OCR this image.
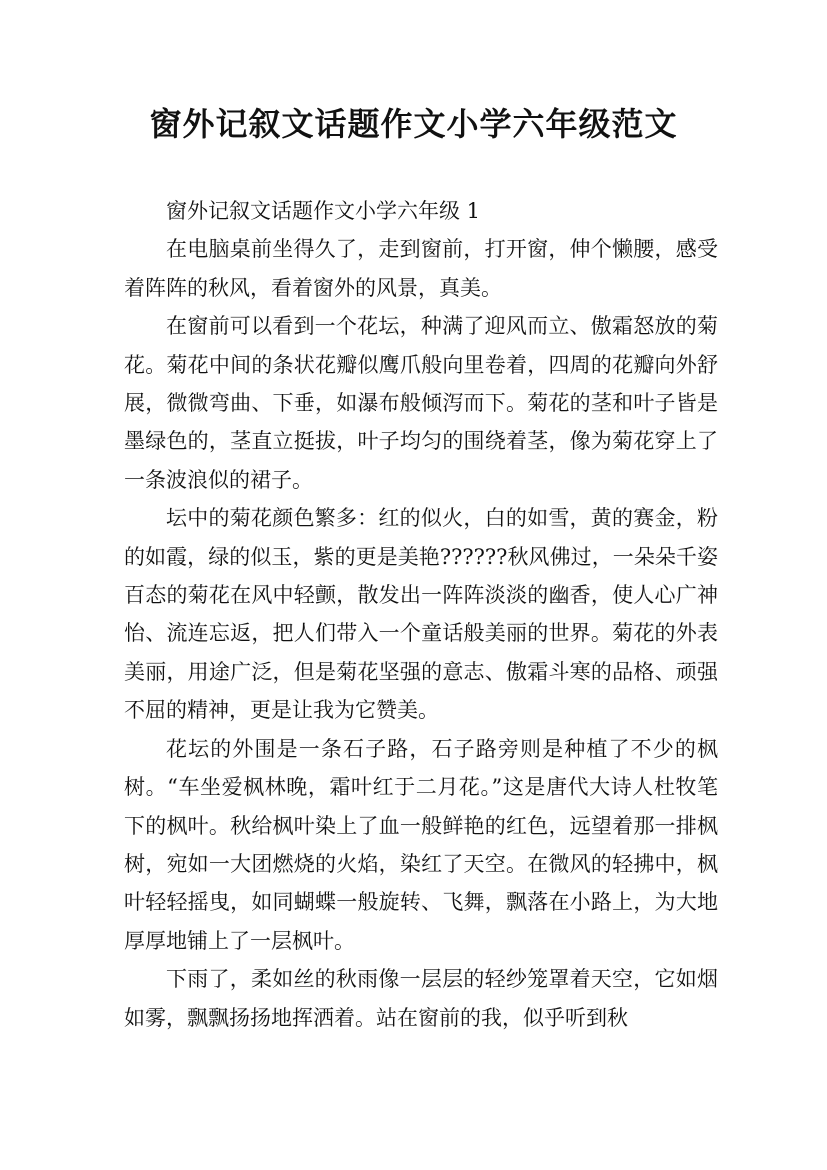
窗外记叙文话题作文小学六年级范文

窗外记叙文话题作文小学六年级 1

在电脑桌前坐得久了，走到窗前，打开窗，伸个懒腰，感受着阵阵的秋风，看着窗外的风景，真美。

在窗前可以看到一个花坛，种满了迎风而立、傲霜怒放的菊花。菊花中间的条状花瓣似鹰爪般向里卷着，四周的花瓣向外舒展，微微弯曲、下垂，如瀑布般倾泻而下。菊花的茎和叶子皆是墨绿色的，茎直立挺拔，叶子均匀的围绕着茎，像为菊花穿上了一条波浪似的裙子。

坛中的菊花颜色繁多：红的似火，白的如雪，黄的赛金，粉的如霞，绿的似玉，紫的更是美艳??????秋风佛过，一朵朵千姿百态的菊花在风中轻颤，散发出一阵阵淡淡的幽香，使人心广神怡、流连忘返，把人们带入一个童话般美丽的世界。菊花的外表美丽，用途广泛，但是菊花坚强的意志、傲霜斗寒的品格、顽强不屈的精神，更是让我为它赞美。

花坛的外围是一条石子路，石子路旁则是种植了不少的枫树。“车坐爱枫林晚，霜叶红于二月花。”这是唐代大诗人杜牧笔下的枫叶。秋给枫叶染上了血一般鲜艳的红色，远望着那一排枫树，宛如一大团燃烧的火焰，染红了天空。在微风的轻拂中，枫叶轻轻摇曳，如同蝴蝶一般旋转、飞舞，飘落在小路上，为大地厚厚地铺上了一层枫叶。

下雨了，柔如丝的秋雨像一层层的轻纱笼罩着天空，它如烟如雾，飘飘扬扬地挥洒着。站在窗前的我，似乎听到秋
